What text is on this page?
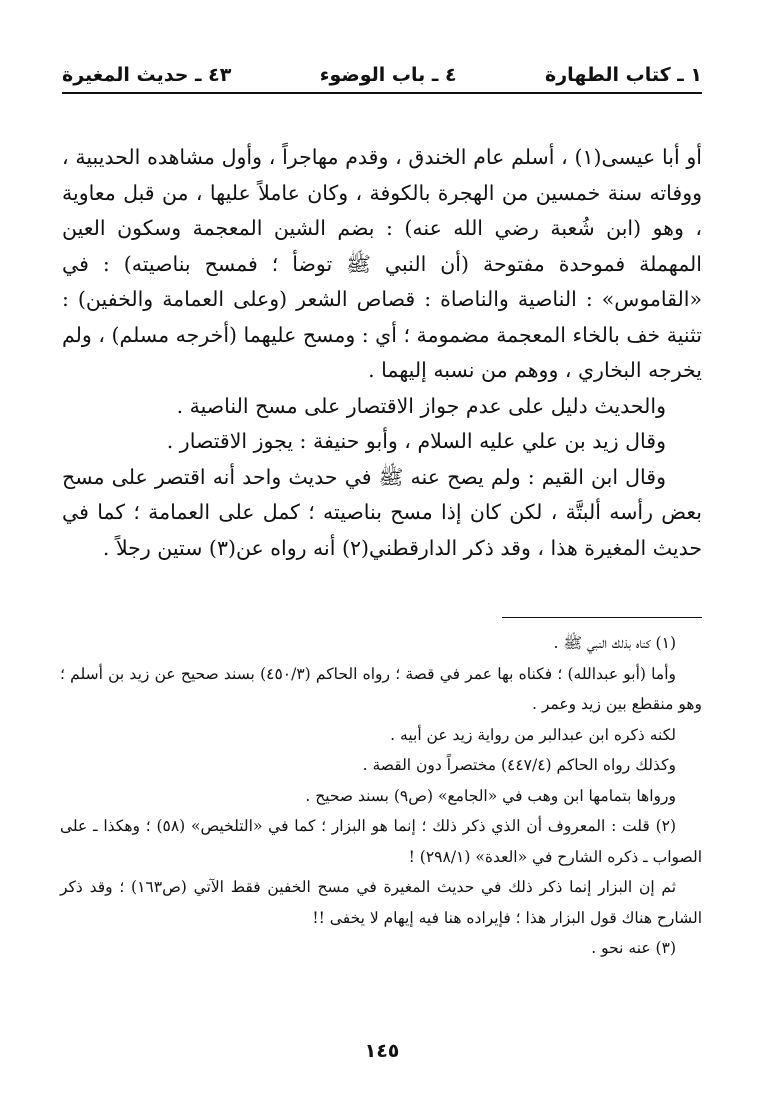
١ ـ كتاب الطهارة
٤ ـ باب الوضوء
٤٣ ـ حديث المغيرة

أو أبا عيسى(١) ، أسلم عام الخندق ، وقدم مهاجراً ، وأول مشاهده الحديبية ، ووفاته سنة خمسين من الهجرة بالكوفة ، وكان عاملاً عليها ، من قبل معاوية ، وهو (ابن شُعبة رضي الله عنه) : بضم الشين المعجمة وسكون العين المهملة فموحدة مفتوحة (أن النبي ﷺ توضأ ؛ فمسح بناصيته) : في «القاموس» : الناصية والناصاة : قصاص الشعر (وعلى العمامة والخفين) : تثنية خف بالخاء المعجمة مضمومة ؛ أي : ومسح عليهما (أخرجه مسلم) ، ولم يخرجه البخاري ، ووهم من نسبه إليهما .

والحديث دليل على عدم جواز الاقتصار على مسح الناصية .

وقال زيد بن علي عليه السلام ، وأبو حنيفة : يجوز الاقتصار .

وقال ابن القيم : ولم يصح عنه ﷺ في حديث واحد أنه اقتصر على مسح بعض رأسه ألبتَّة ، لكن كان إذا مسح بناصيته ؛ كمل على العمامة ؛ كما في حديث المغيرة هذا ، وقد ذكر الدارقطني(٢) أنه رواه عن(٣) ستين رجلاً .

(١) كناه بذلك النبي ﷺ .

وأما (أبو عبدالله) ؛ فكناه بها عمر في قصة ؛ رواه الحاكم (٤٥٠/٣) بسند صحيح عن زيد بن أسلم ؛ وهو منقطع بين زيد وعمر .

لكنه ذكره ابن عبدالبر من رواية زيد عن أبيه .

وكذلك رواه الحاكم (٤٤٧/٤) مختصراً دون القصة .

ورواها بتمامها ابن وهب في «الجامع» (ص٩) بسند صحيح .

(٢) قلت : المعروف أن الذي ذكر ذلك ؛ إنما هو البزار ؛ كما في «التلخيص» (٥٨) ؛ وهكذا ـ على الصواب ـ ذكره الشارح في «العدة» (٢٩٨/١) !

ثم إن البزار إنما ذكر ذلك في حديث المغيرة في مسح الخفين فقط الآتي (ص١٦٣) ؛ وقد ذكر الشارح هناك قول البزار هذا ؛ فإيراده هنا فيه إيهام لا يخفى !!

(٣) عنه نحو .

١٤٥
